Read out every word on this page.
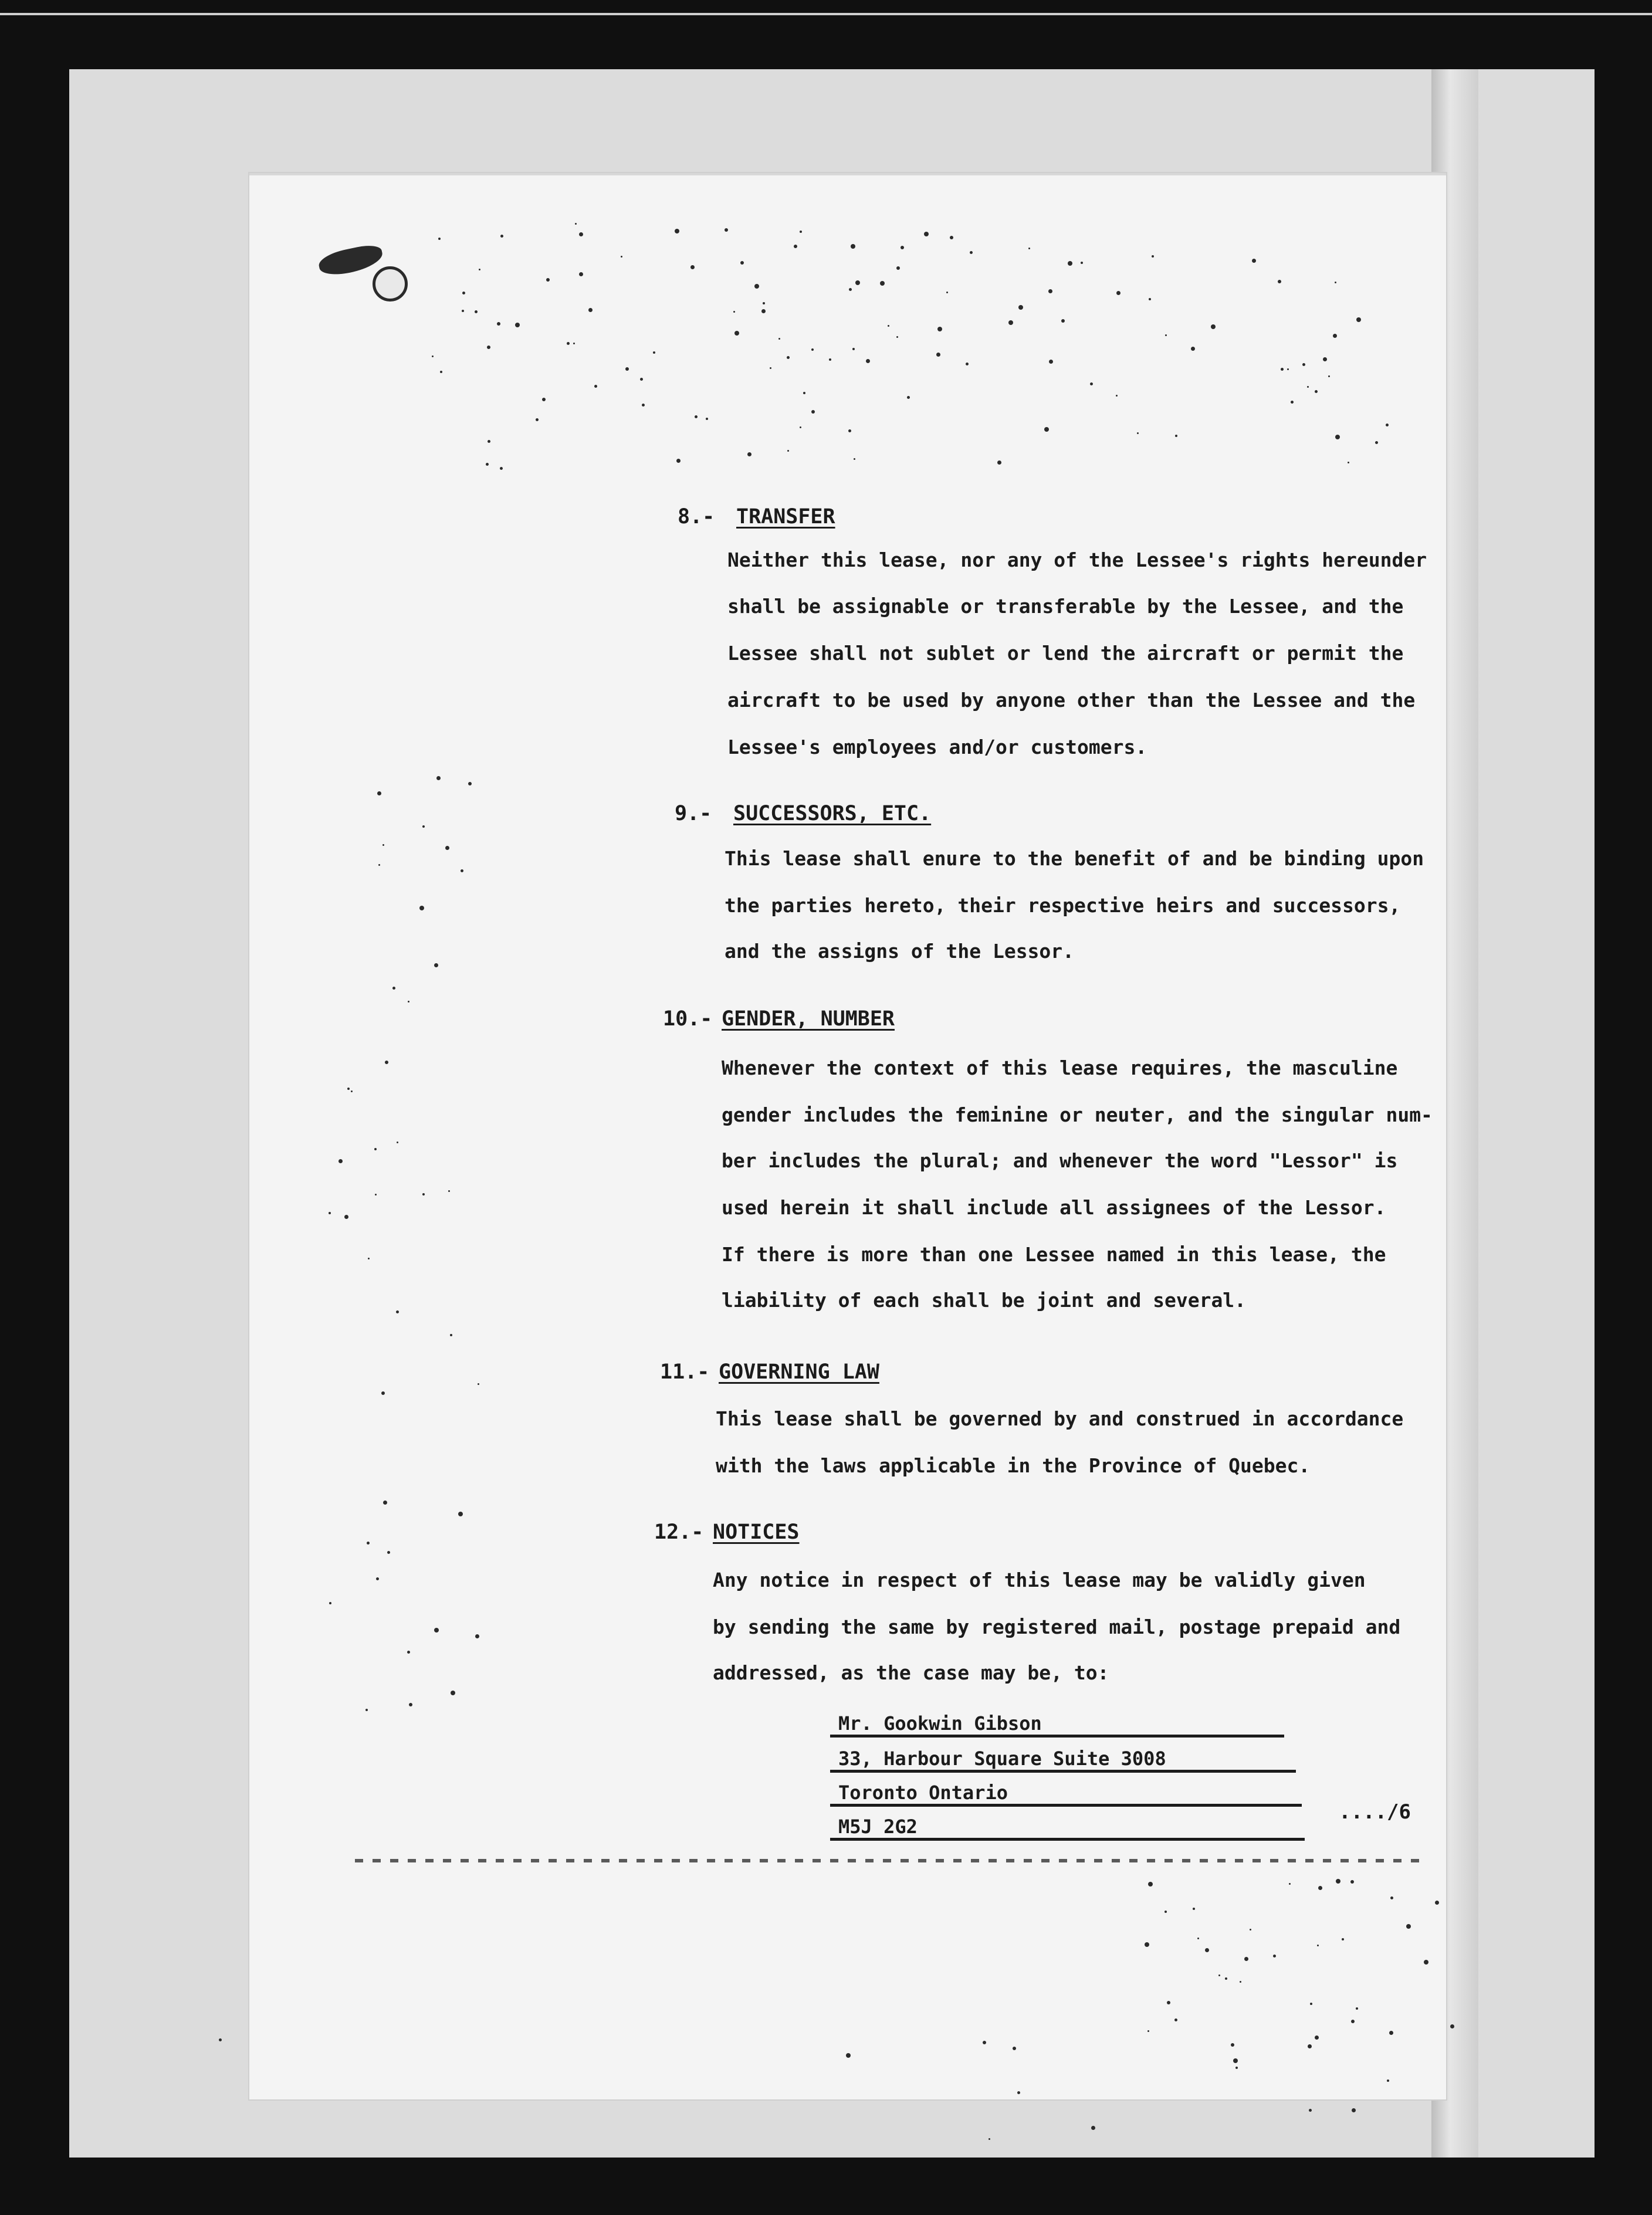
8.- TRANSFER
Neither this lease, nor any of the Lessee's rights hereunder
shall be assignable or transferable by the Lessee, and the
Lessee shall not sublet or lend the aircraft or permit the
aircraft to be used by anyone other than the Lessee and the
Lessee's employees and/or customers.
9.- SUCCESSORS, ETC.
This lease shall enure to the benefit of and be binding upon
the parties hereto, their respective heirs and successors,
and the assigns of the Lessor.
10.- GENDER, NUMBER
Whenever the context of this lease requires, the masculine
gender includes the feminine or neuter, and the singular num-
ber includes the plural; and whenever the word "Lessor" is
used herein it shall include all assignees of the Lessor.
If there is more than one Lessee named in this lease, the
liability of each shall be joint and several.
11.- GOVERNING LAW
This lease shall be governed by and construed in accordance
with the laws applicable in the Province of Quebec.
12.- NOTICES
Any notice in respect of this lease may be validly given
by sending the same by registered mail, postage prepaid and
addressed, as the case may be, to:
Mr. Gookwin Gibson
33, Harbour Square Suite 3008
Toronto Ontario
M5J 2G2
..../6
